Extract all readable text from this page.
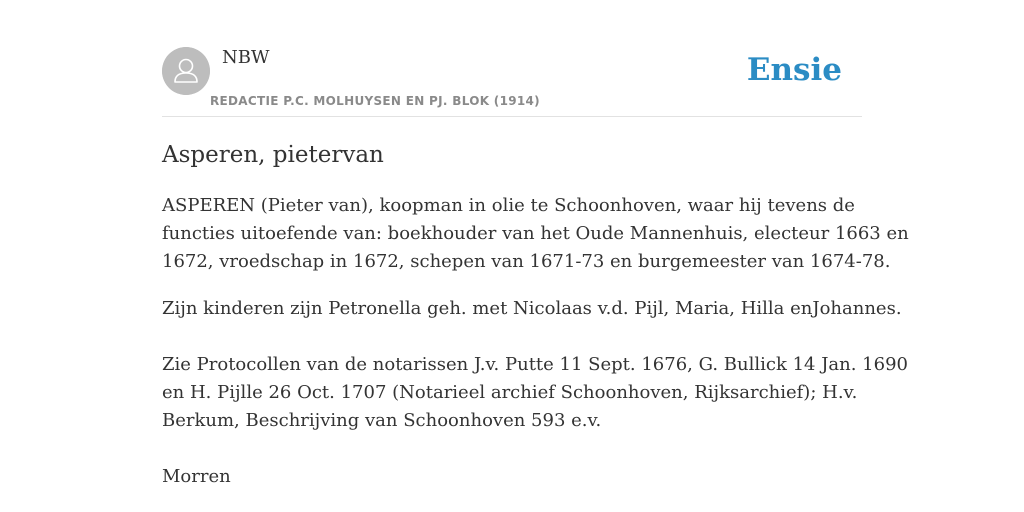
NBW
REDACTIE P.C. MOLHUYSEN EN PJ. BLOK (1914)
Ensie
Asperen, pietervan

ASPEREN (Pieter van), koopman in olie te Schoonhoven, waar hij tevens de
functies uitoefende van: boekhouder van het Oude Mannenhuis, electeur 1663 en
1672, vroedschap in 1672, schepen van 1671-73 en burgemeester van 1674-78.

Zijn kinderen zijn Petronella geh. met Nicolaas v.d. Pijl, Maria, Hilla enJohannes.

Zie Protocollen van de notarissen J.v. Putte 11 Sept. 1676, G. Bullick 14 Jan. 1690
en H. Pijlle 26 Oct. 1707 (Notarieel archief Schoonhoven, Rijksarchief); H.v.
Berkum, Beschrijving van Schoonhoven 593 e.v.

Morren
